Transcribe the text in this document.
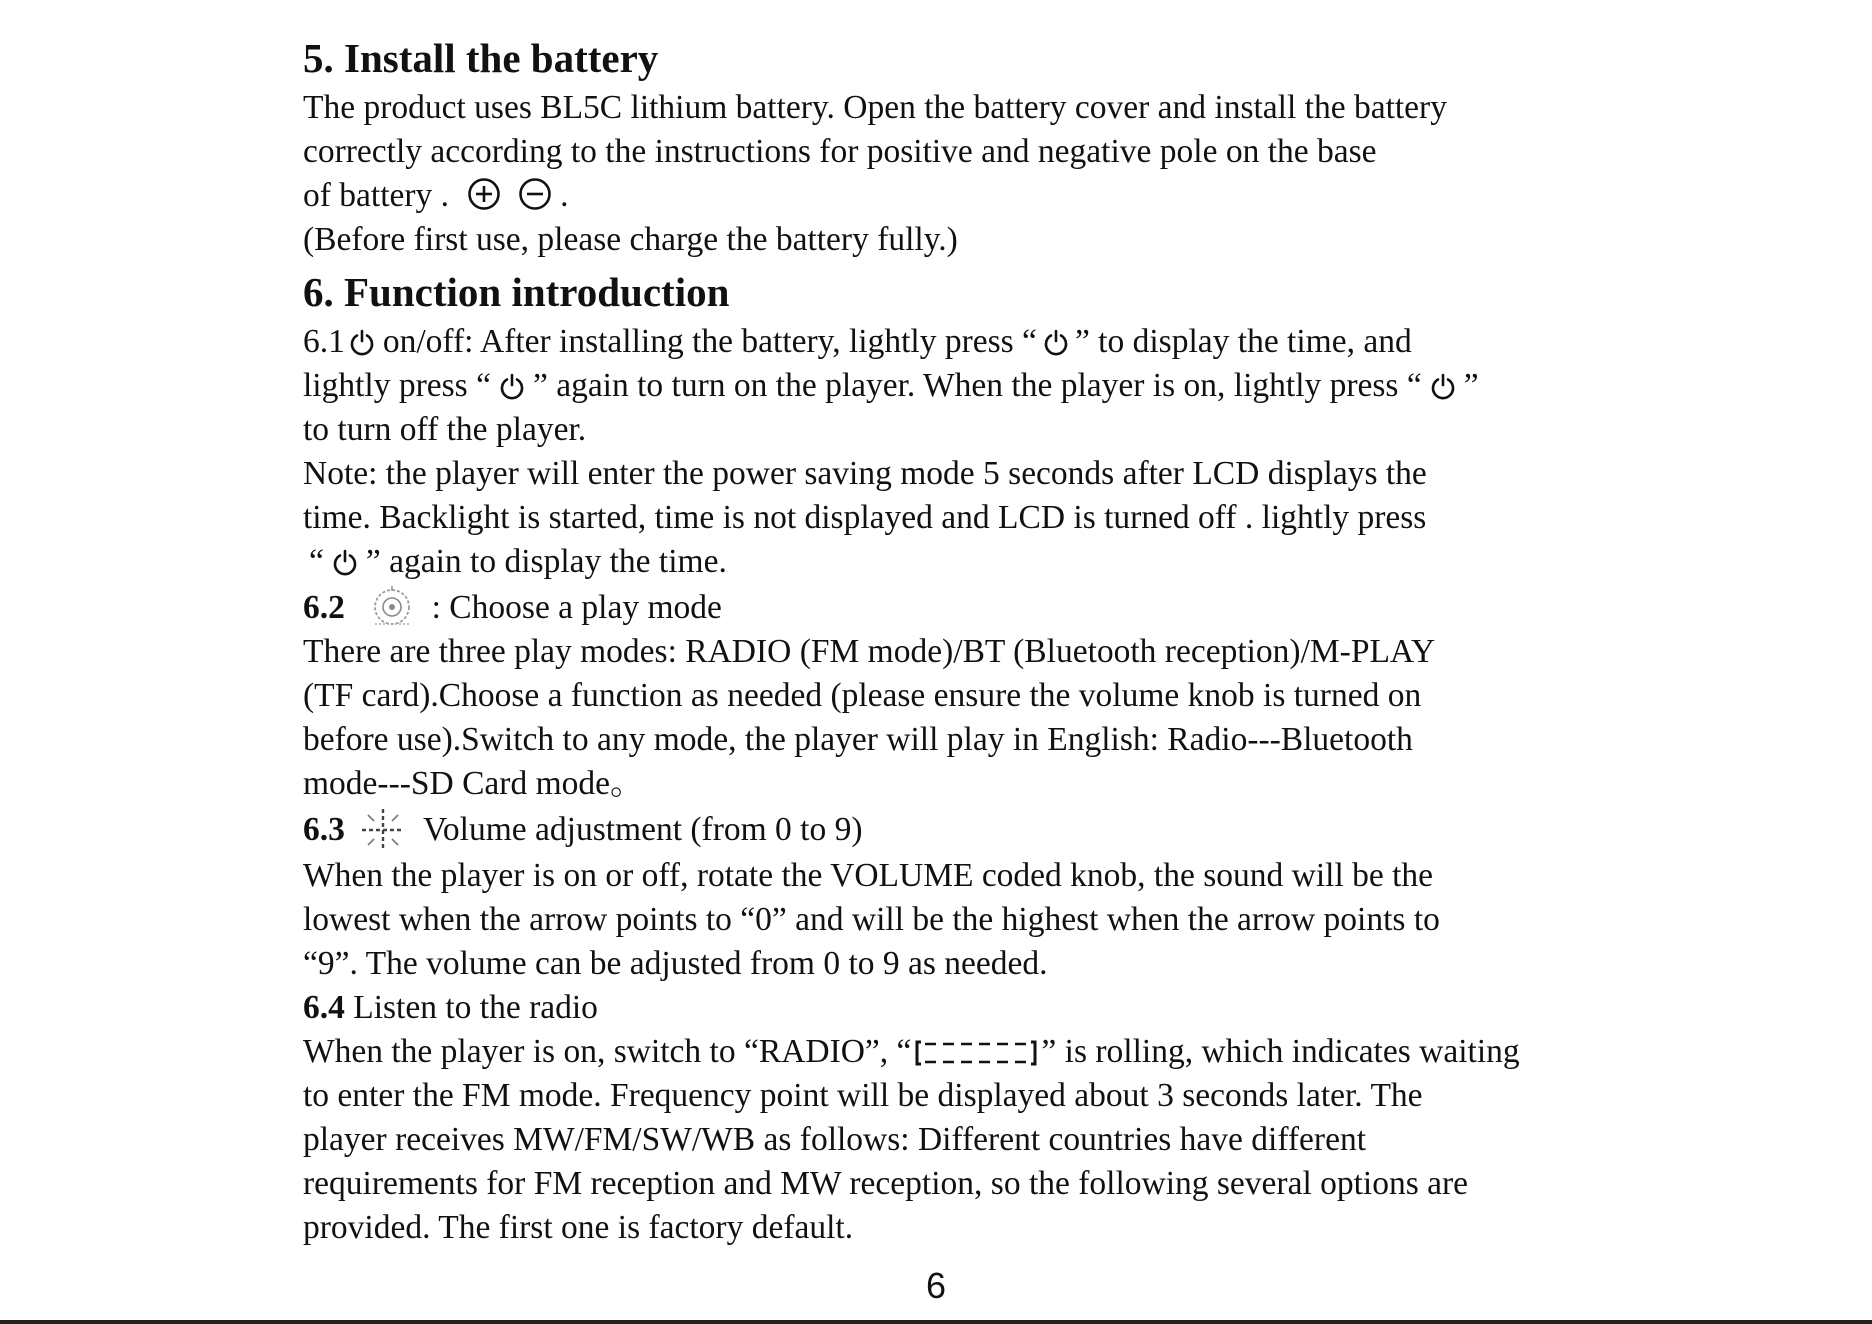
5. Install the battery
The product uses BL5C lithium battery. Open the battery cover and install the battery
correctly according to the instructions for positive and negative pole on the base
of battery .
	.
(Before first use, please charge the battery fully.)
6. Function introduction
6.1 on/off: After installing the battery, lightly press “ ” to display the time, and
lightly press “ ” again to turn on the player. When the player is on, lightly press “ ”
to turn off the player.
Note: the player will enter the power saving mode 5 seconds after LCD displays the
time. Backlight is started, time is not displayed and LCD is turned off . lightly press
“ ” again to display the time.
6.2	: Choose a play mode
There are three play modes: RADIO (FM mode)/BT (Bluetooth reception)/M-PLAY
(TF card).Choose a function as needed (please ensure the volume knob is turned on
before use).Switch to any mode, the player will play in English: Radio---Bluetooth
mode---SD Card mode。
6.3 Volume adjustment (from 0 to 9)
When the player is on or off, rotate the VOLUME coded knob, the sound will be the
lowest when the arrow points to “0” and will be the highest when the arrow points to
“9”. The volume can be adjusted from 0 to 9 as needed.
6.4 Listen to the radio
When the player is on, switch to “RADIO”, “	” is rolling, which indicates waiting
to enter the FM mode. Frequency point will be displayed about 3 seconds later. The
player receives MW/FM/SW/WB as follows: Different countries have different
requirements for FM reception and MW reception, so the following several options are
provided. The first one is factory default.
6
